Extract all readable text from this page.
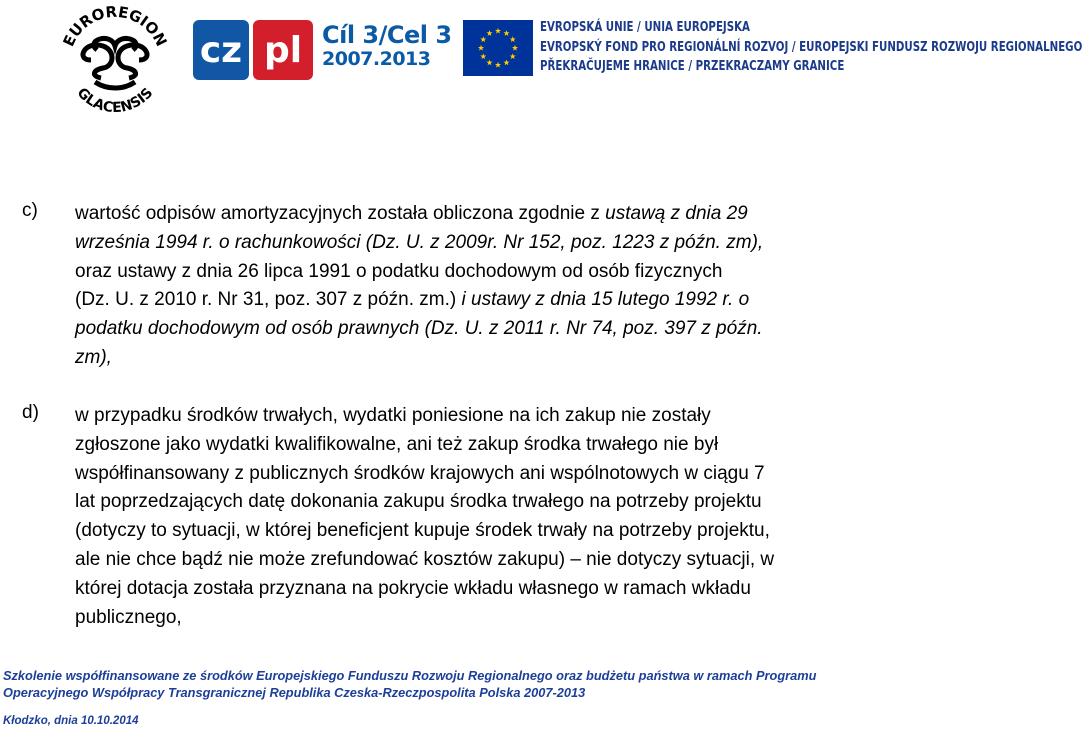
EUROREGION
GLACENSIS
cz pl Cíl 3/Cel 3
2007.2013
EVROPSKÁ UNIE / UNIA EUROPEJSKA
EVROPSKÝ FOND PRO REGIONÁLNÍ ROZVOJ / EUROPEJSKI FUNDUSZ ROZWOJU REGIONALNEGO
PŘEKRAČUJEME HRANICE / PRZEKRACZAMY GRANICE
c) wartość odpisów amortyzacyjnych została obliczona zgodnie z ustawą z dnia 29
września 1994 r. o rachunkowości (Dz. U. z 2009r. Nr 152, poz. 1223 z późn. zm),
oraz ustawy z dnia 26 lipca 1991 o podatku dochodowym od osób fizycznych
(Dz. U. z 2010 r. Nr 31, poz. 307 z późn. zm.) i ustawy z dnia 15 lutego 1992 r. o
podatku dochodowym od osób prawnych (Dz. U. z 2011 r. Nr 74, poz. 397 z późn.
zm),
d) w przypadku środków trwałych, wydatki poniesione na ich zakup nie zostały
zgłoszone jako wydatki kwalifikowalne, ani też zakup środka trwałego nie był
współfinansowany z publicznych środków krajowych ani wspólnotowych w ciągu 7
lat poprzedzających datę dokonania zakupu środka trwałego na potrzeby projektu
(dotyczy to sytuacji, w której beneficjent kupuje środek trwały na potrzeby projektu,
ale nie chce bądź nie może zrefundować kosztów zakupu) – nie dotyczy sytuacji, w
której dotacja została przyznana na pokrycie wkładu własnego w ramach wkładu
publicznego,
Szkolenie współfinansowane ze środków Europejskiego Funduszu Rozwoju Regionalnego oraz budżetu państwa w ramach Programu
Operacyjnego Współpracy Transgranicznej Republika Czeska-Rzeczpospolita Polska 2007-2013
Kłodzko, dnia 10.10.2014
